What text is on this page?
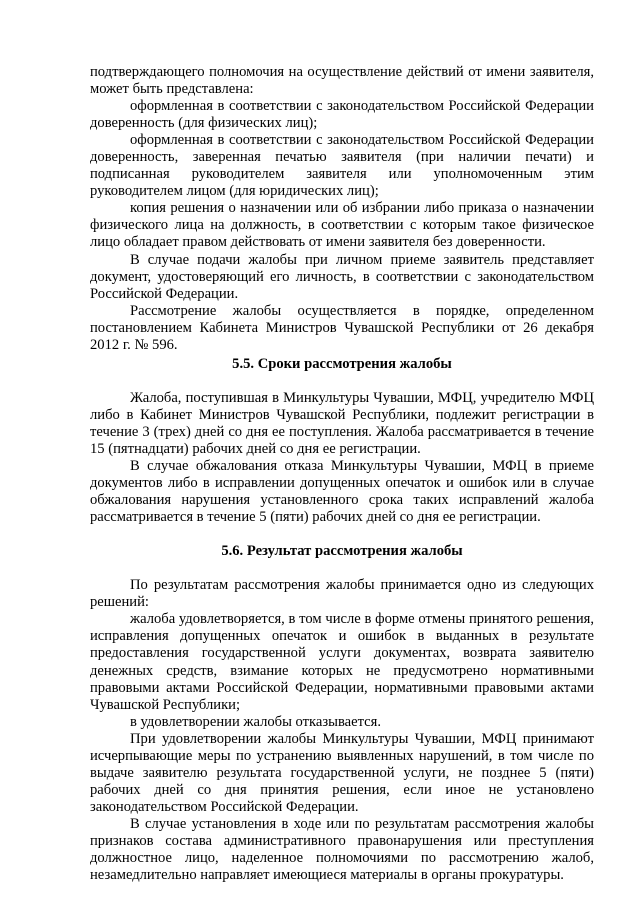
подтверждающего полномочия на осуществление действий от имени заявителя, может быть представлена:

оформленная в соответствии с законодательством Российской Федерации доверенность (для физических лиц);

оформленная в соответствии с законодательством Российской Федерации доверенность, заверенная печатью заявителя (при наличии печати) и подписанная руководителем заявителя или уполномоченным этим руководителем лицом (для юридических лиц);

копия решения о назначении или об избрании либо приказа о назначении физического лица на должность, в соответствии с которым такое физическое лицо обладает правом действовать от имени заявителя без доверенности.

В случае подачи жалобы при личном приеме заявитель представляет документ, удостоверяющий его личность, в соответствии с законодательством Российской Федерации.

Рассмотрение жалобы осуществляется в порядке, определенном постановлением Кабинета Министров Чувашской Республики от 26 декабря 2012 г. № 596.

5.5. Сроки рассмотрения жалобы

Жалоба, поступившая в Минкультуры Чувашии, МФЦ, учредителю МФЦ либо в Кабинет Министров Чувашской Республики, подлежит регистрации в течение 3 (трех) дней со дня ее поступления. Жалоба рассматривается в течение 15 (пятнадцати) рабочих дней со дня ее регистрации.

В случае обжалования отказа Минкультуры Чувашии, МФЦ в приеме документов либо в исправлении допущенных опечаток и ошибок или в случае обжалования нарушения установленного срока таких исправлений жалоба рассматривается в течение 5 (пяти) рабочих дней со дня ее регистрации.

5.6. Результат рассмотрения жалобы

По результатам рассмотрения жалобы принимается одно из следующих решений:

жалоба удовлетворяется, в том числе в форме отмены принятого решения, исправления допущенных опечаток и ошибок в выданных в результате предоставления государственной услуги документах, возврата заявителю денежных средств, взимание которых не предусмотрено нормативными правовыми актами Российской Федерации, нормативными правовыми актами Чувашской Республики;

в удовлетворении жалобы отказывается.

При удовлетворении жалобы Минкультуры Чувашии, МФЦ принимают исчерпывающие меры по устранению выявленных нарушений, в том числе по выдаче заявителю результата государственной услуги, не позднее 5 (пяти) рабочих дней со дня принятия решения, если иное не установлено законодательством Российской Федерации.

В случае установления в ходе или по результатам рассмотрения жалобы признаков состава административного правонарушения или преступления должностное лицо, наделенное полномочиями по рассмотрению жалоб, незамедлительно направляет имеющиеся материалы в органы прокуратуры.
